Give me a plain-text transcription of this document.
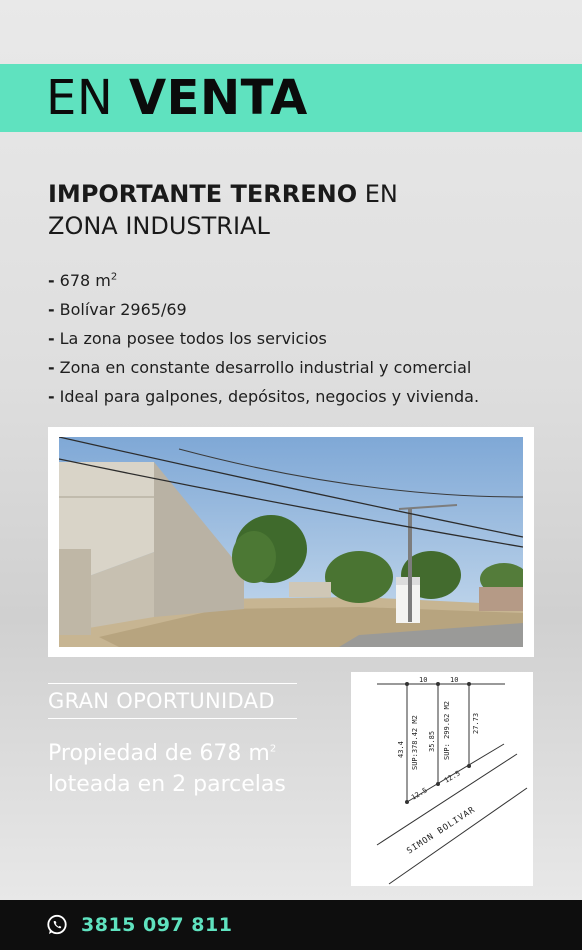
EN VENTA
IMPORTANTE TERRENO EN
ZONA INDUSTRIAL
- 678 $m^2$
- Bolívar 2965/69
- La zona posee todos los servicios
- Zona en constante desarrollo industrial y comercial
- Ideal para galpones, depósitos, negocios y vivienda.
GRAN OPORTUNIDAD
Propiedad de 678 $m^2$
loteada en 2 parcelas
10	10
43.4 SUP:378.42 M2 35.85 SUP: 299.62 M2	27.73
12.5
12.5
SIMON BOLIVAR
3815 097 811
